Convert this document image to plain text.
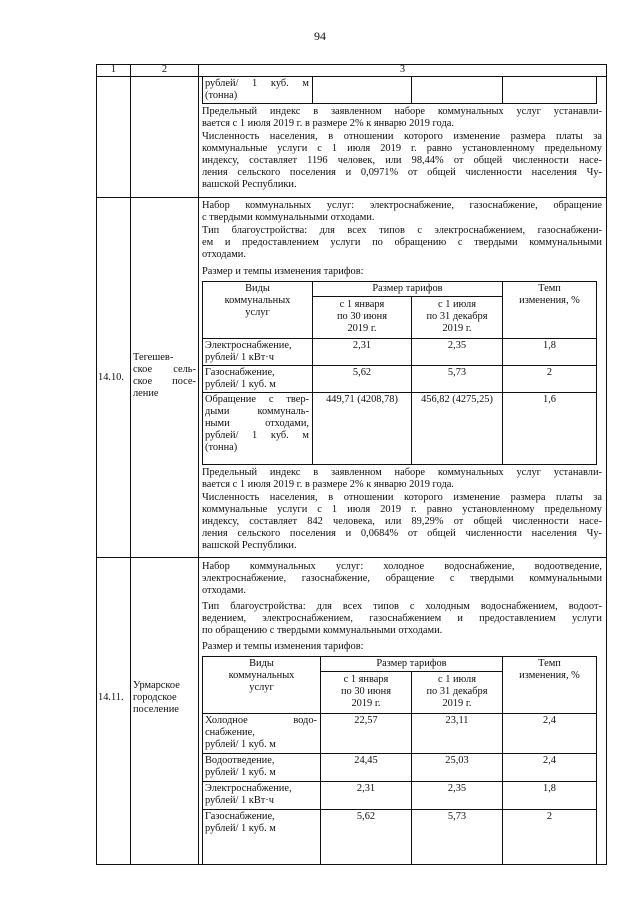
94
1	2	3
рублей/ 1 куб. м
(тонна)
Предельный индекс в заявленном наборе коммунальных услуг устанавли-
вается с 1 июля 2019 г. в размере 2% к январю 2019 года.
Численность населения, в отношении которого изменение размера платы за
коммунальные услуги с 1 июля 2019 г. равно установленному предельному
индексу, составляет 1196 человек, или 98,44% от общей численности насе-
ления сельского поселения и 0,0971% от общей численности населения Чу-
вашской Республики.
14.10.
Тегешев-
ское сель-
ское посе-
ление
Набор коммунальных услуг: электроснабжение, газоснабжение, обращение
с твердыми коммунальными отходами.
Тип благоустройства: для всех типов с электроснабжением, газоснабжени-
ем и предоставлением услуги по обращению с твердыми коммунальными
отходами.
Размер и темпы изменения тарифов:
Виды
коммунальных
услуг
Размер тарифов
с 1 января
по 30 июня
2019 г.
с 1 июля
по 31 декабря
2019 г.
Темп
изменения, %
Электроснабжение,
рублей/ 1 кВт·ч
2,31	2,35	1,8
Газоснабжение,
рублей/ 1 куб. м
5,62	5,73	2
Обращение с твер-
дыми коммуналь-
ными отходами,
рублей/ 1 куб. м
(тонна)
449,71 (4208,78)	456,82 (4275,25)	1,6
Предельный индекс в заявленном наборе коммунальных услуг устанавли-
вается с 1 июля 2019 г. в размере 2% к январю 2019 года.
Численность населения, в отношении которого изменение размера платы за
коммунальные услуги с 1 июля 2019 г. равно установленному предельному
индексу, составляет 842 человека, или 89,29% от общей численности насе-
ления сельского поселения и 0,0684% от общей численности населения Чу-
вашской Республики.
14.11.
Урмарское
городское
поселение
Набор коммунальных услуг: холодное водоснабжение, водоотведение,
электроснабжение, газоснабжение, обращение с твердыми коммунальными
отходами.
Тип благоустройства: для всех типов с холодным водоснабжением, водоот-
ведением, электроснабжением, газоснабжением и предоставлением услуги
по обращению с твердыми коммунальными отходами.
Размер и темпы изменения тарифов:
Виды
коммунальных
услуг
Размер тарифов
с 1 января
по 30 июня
2019 г.
с 1 июля
по 31 декабря
2019 г.
Темп
изменения, %
Холодное водо-
снабжение,
рублей/ 1 куб. м
22,57	23,11	2,4
Водоотведение,
рублей/ 1 куб. м
24,45	25,03	2,4
Электроснабжение,
рублей/ 1 кВт·ч
2,31	2,35	1,8
Газоснабжение,
рублей/ 1 куб. м
5,62	5,73	2
